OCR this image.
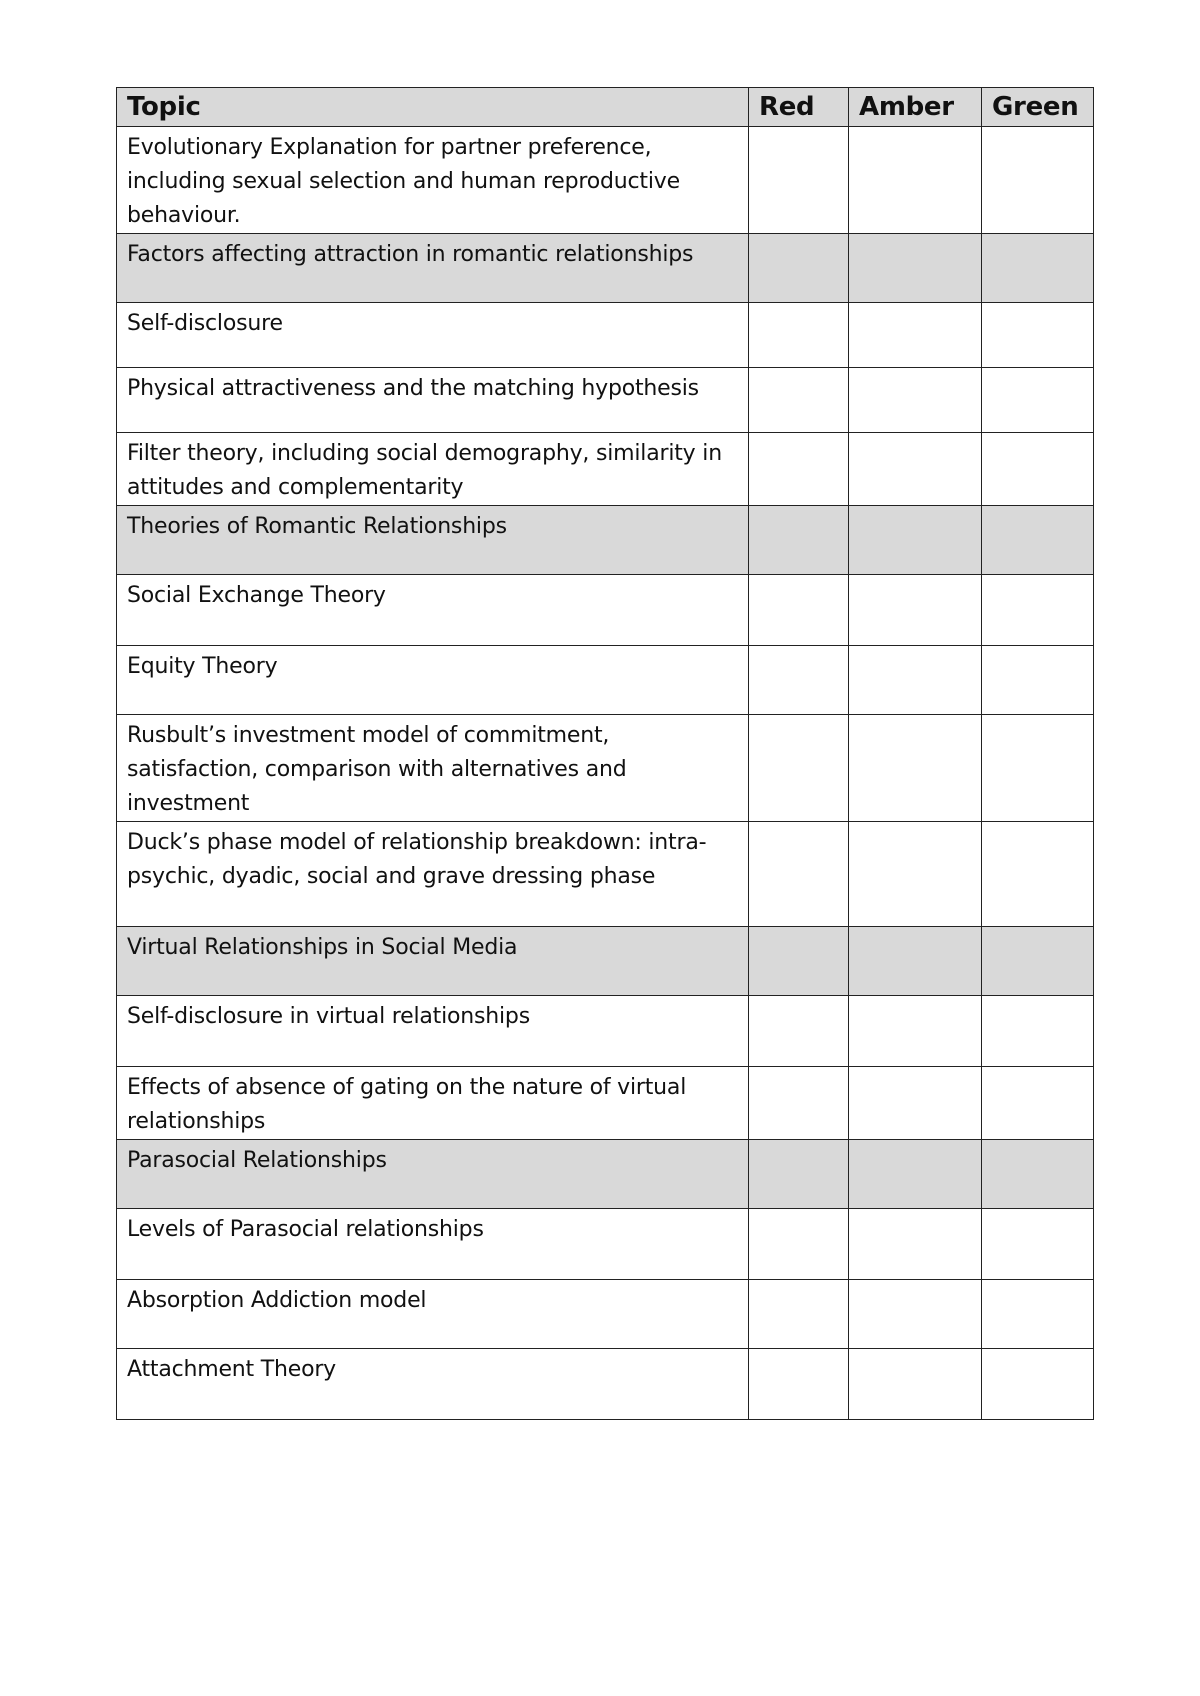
Topic	Red	Amber	Green
Evolutionary Explanation for partner preference, including sexual selection and human reproductive behaviour.			
Factors affecting attraction in romantic relationships			
Self-disclosure			
Physical attractiveness and the matching hypothesis			
Filter theory, including social demography, similarity in attitudes and complementarity			
Theories of Romantic Relationships			
Social Exchange Theory			
Equity Theory			
Rusbult’s investment model of commitment, satisfaction, comparison with alternatives and investment			
Duck’s phase model of relationship breakdown: intra-psychic, dyadic, social and grave dressing phase			
Virtual Relationships in Social Media			
Self-disclosure in virtual relationships			
Effects of absence of gating on the nature of virtual relationships			
Parasocial Relationships			
Levels of Parasocial relationships			
Absorption Addiction model			
Attachment Theory			
